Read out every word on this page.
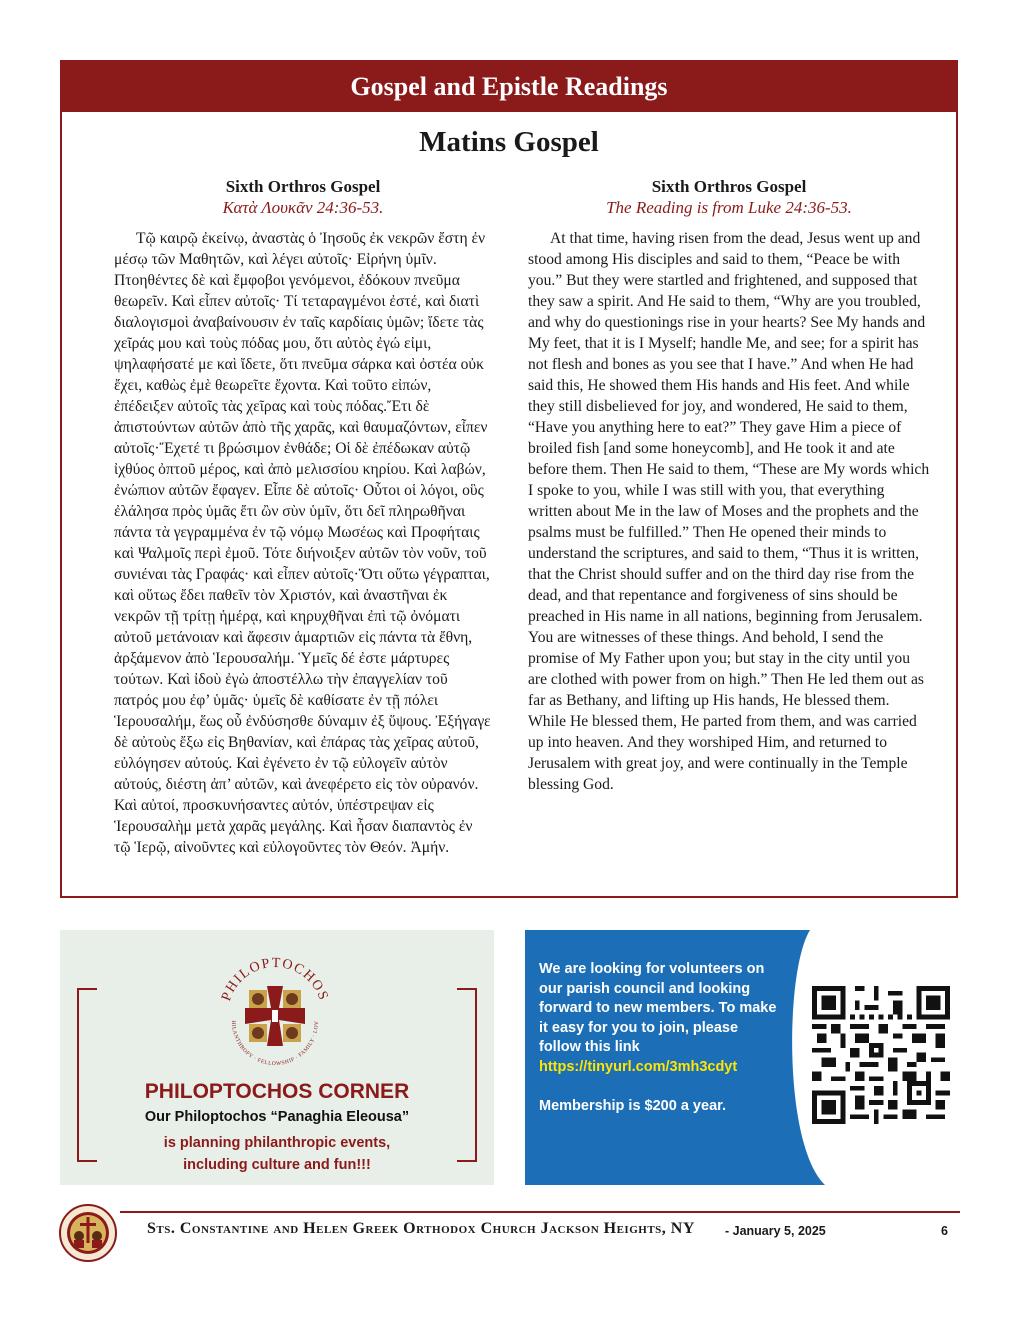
Gospel and Epistle Readings
Matins Gospel
Sixth Orthros Gospel
Κατὰ Λουκᾶν 24:36-53.
Τῷ καιρῷ ἐκείνῳ, ἀναστὰς ὁ Ἰησοῦς ἐκ νεκρῶν ἔστη ἐν μέσῳ τῶν Μαθητῶν, καὶ λέγει αὐτοῖς· Εἰρήνη ὑμῖν. Πτοηθέντες δὲ καὶ ἔμφοβοι γενόμενοι, ἐδόκουν πνεῦμα θεωρεῖν. Καὶ εἶπεν αὐτοῖς· Τί τεταραγμένοι ἐστέ, καὶ διατὶ διαλογισμοὶ ἀναβαίνουσιν ἐν ταῖς καρδίαις ὑμῶν; ἴδετε τὰς χεῖράς μου καὶ τοὺς πόδας μου, ὅτι αὐτὸς ἐγώ εἰμι, ψηλαφήσατέ με καὶ ἴδετε, ὅτι πνεῦμα σάρκα καὶ ὀστέα οὐκ ἔχει, καθὼς ἐμὲ θεωρεῖτε ἔχοντα. Καὶ τοῦτο εἰπών, ἐπέδειξεν αὐτοῖς τὰς χεῖρας καὶ τοὺς πόδας.Ἔτι δὲ ἀπιστούντων αὐτῶν ἀπὸ τῆς χαρᾶς, καὶ θαυμαζόντων, εἶπεν αὐτοῖς·Ἔχετέ τι βρώσιμον ἐνθάδε; Οἱ δὲ ἐπέδωκαν αὐτῷ ἰχθύος ὀπτοῦ μέρος, καὶ ἀπὸ μελισσίου κηρίου. Καὶ λαβών, ἐνώπιον αὐτῶν ἔφαγεν. Εἶπε δὲ αὐτοῖς· Οὗτοι οἱ λόγοι, οὓς ἐλάλησα πρὸς ὑμᾶς ἔτι ὢν σὺν ὑμῖν, ὅτι δεῖ πληρωθῆναι πάντα τὰ γεγραμμένα ἐν τῷ νόμῳ Μωσέως καὶ Προφήταις καὶ Ψαλμοῖς περὶ ἐμοῦ. Τότε διήνοιξεν αὐτῶν τὸν νοῦν, τοῦ συνιέναι τὰς Γραφάς· καὶ εἶπεν αὐτοῖς·Ὅτι οὕτω γέγραπται, καὶ οὕτως ἔδει παθεῖν τὸν Χριστόν, καὶ ἀναστῆναι ἐκ νεκρῶν τῇ τρίτῃ ἡμέρᾳ, καὶ κηρυχθῆναι ἐπὶ τῷ ὀνόματι αὐτοῦ μετάνοιαν καὶ ἄφεσιν ἁμαρτιῶν εἰς πάντα τὰ ἔθνη, ἀρξάμενον ἀπὸ Ἱερουσαλήμ. Ὑμεῖς δέ ἐστε μάρτυρες τούτων. Καὶ ἰδοὺ ἐγὼ ἀποστέλλω τὴν ἐπαγγελίαν τοῦ πατρός μου ἐφ’ ὑμᾶς· ὑμεῖς δὲ καθίσατε ἐν τῇ πόλει Ἱερουσαλήμ, ἕως οὗ ἐνδύσησθε δύναμιν ἐξ ὕψους. Ἐξήγαγε δὲ αὐτοὺς ἔξω εἰς Βηθανίαν, καὶ ἐπάρας τὰς χεῖρας αὐτοῦ, εὐλόγησεν αὐτούς. Καὶ ἐγένετο ἐν τῷ εὐλογεῖν αὐτὸν αὐτούς, διέστη ἀπ’ αὐτῶν, καὶ ἀνεφέρετο εἰς τὸν οὐρανόν. Καὶ αὐτοί, προσκυνήσαντες αὐτόν, ὑπέστρεψαν εἰς Ἱερουσαλὴμ μετὰ χαρᾶς μεγάλης. Καὶ ἦσαν διαπαντὸς ἐν τῷ Ἱερῷ, αἰνοῦντες καὶ εὐλογοῦντες τὸν Θεόν. Ἀμήν.
Sixth Orthros Gospel
The Reading is from Luke 24:36-53.
At that time, having risen from the dead, Jesus went up and stood among His disciples and said to them, “Peace be with you.” But they were startled and frightened, and supposed that they saw a spirit. And He said to them, “Why are you troubled, and why do questionings rise in your hearts? See My hands and My feet, that it is I Myself; handle Me, and see; for a spirit has not flesh and bones as you see that I have.” And when He had said this, He showed them His hands and His feet. And while they still disbelieved for joy, and wondered, He said to them, “Have you anything here to eat?” They gave Him a piece of broiled fish [and some honeycomb], and He took it and ate before them. Then He said to them, “These are My words which I spoke to you, while I was still with you, that everything written about Me in the law of Moses and the prophets and the psalms must be fulfilled.” Then He opened their minds to understand the scriptures, and said to them, “Thus it is written, that the Christ should suffer and on the third day rise from the dead, and that repentance and forgiveness of sins should be preached in His name in all nations, beginning from Jerusalem. You are witnesses of these things. And behold, I send the promise of My Father upon you; but stay in the city until you are clothed with power from on high.” Then He led them out as far as Bethany, and lifting up His hands, He blessed them. While He blessed them, He parted from them, and was carried up into heaven. And they worshiped Him, and returned to Jerusalem with great joy, and were continually in the Temple blessing God.
PHILOPTOCHOS
HILANTHROPY · FELLOWSHIP · FAMILY · LOV
PHILOPTOCHOS CORNER
Our Philoptochos “Panaghia Eleousa”
is planning philanthropic events,
including culture and fun!!!
We are looking for volunteers on our parish council and looking forward to new members. To make it easy for you to join, please follow this link
https://tinyurl.com/3mh3cdyt
Membership is $200 a year.
Sts. Constantine and Helen Greek Orthodox Church Jackson Heights, NY - January 5, 2025	6
